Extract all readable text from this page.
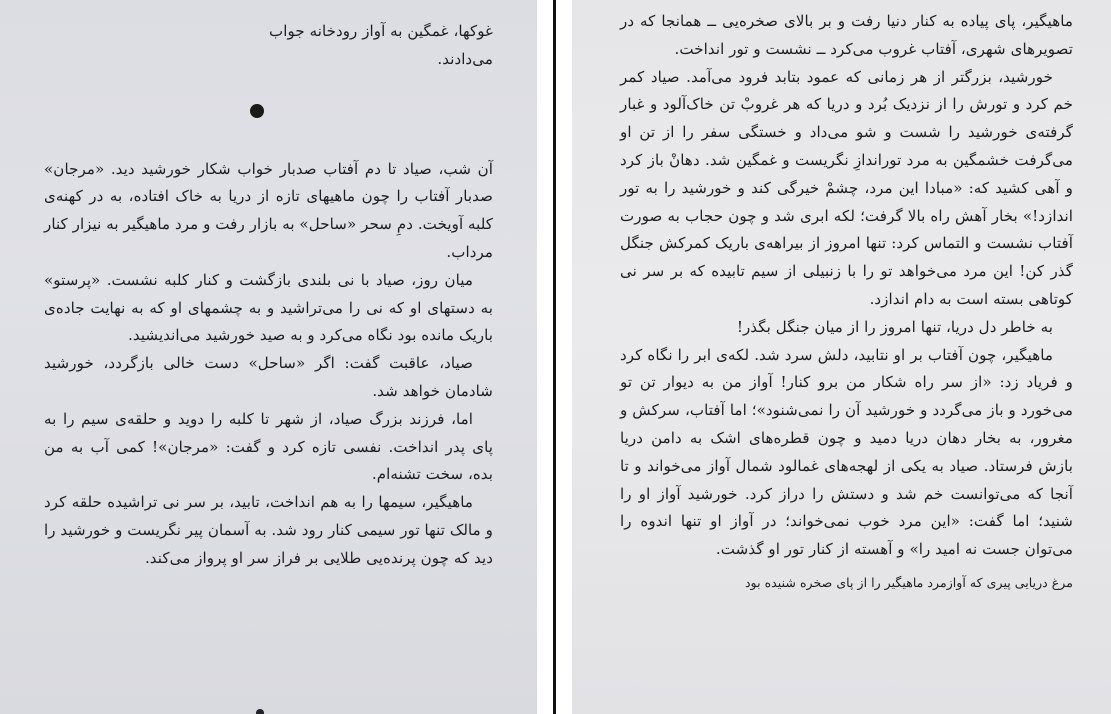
غوکها، غمگین به آواز رودخانه جواب

می‌دادند.

آن شب، صیاد تا دم آفتاب صدبار خواب شکار خورشید دید. «مرجان» صدبار آفتاب را چون ماهیهای تازه از دریا به خاک افتاده، به در کهنه‌ی کلبه آویخت. دمِ سحر «ساحل» به بازار رفت و مرد ماهیگیر به نیزار کنار مرداب.

میان روز، صیاد با نی بلندی بازگشت و کنار کلبه نشست. «پرستو» به دستهای او که نی را می‌تراشید و به چشمهای او که به نهایت جاده‌ی باریک مانده بود نگاه می‌کرد و به صید خورشید می‌اندیشید.

صیاد، عاقبت گفت: اگر «ساحل» دست خالی بازگردد، خورشید شادمان خواهد شد.

اما، فرزند بزرگ صیاد، از شهر تا کلبه را دوید و حلقه‌ی سیم را به پای پدر انداخت. نفسی تازه کرد و گفت: «مرجان»! کمی آب به من بده، سخت تشنه‌ام.

ماهیگیر، سیمها را به هم انداخت، تابید، بر سر نی تراشیده حلقه کرد و مالک تنها تور سیمی کنار رود شد. به آسمان پیر نگریست و خورشید را دید که چون پرنده‌یی طلایی بر فراز سر او پرواز می‌کند.

ماهیگیر، پای پیاده به کنار دنیا رفت و بر بالای صخره‌یی ــ همانجا که در تصویرهای شهری، آفتاب غروب می‌کرد ــ نشست و تور انداخت.

خورشید، بزرگتر از هر زمانی که عمود بتابد فرود می‌آمد. صیاد کمر خم کرد و تورش را از نزدیک بُرد و دریا که هر غروبْ تن خاک‌آلود و غبار گرفته‌ی خورشید را شست و شو می‌داد و خستگی سفر را از تن او می‌گرفت خشمگین به مرد توراندازِ نگریست و غمگین شد. دهانْ باز کرد و آهی کشید که: «مبادا این مرد، چشمْ خیرگی کند و خورشید را به تور اندازد!» بخار آهش راه بالا گرفت؛ لکه ابری شد و چون حجاب به صورت آفتاب نشست و التماس کرد: تنها امروز از بیراهه‌ی باریک کمرکش جنگل گذر کن! این مرد می‌خواهد تو را با زنبیلی از سیم تابیده که بر سر نی کوتاهی بسته است به دام اندازد.

به خاطر دل دریا، تنها امروز را از میان جنگل بگذر!

ماهیگیر، چون آفتاب بر او نتابید، دلش سرد شد. لکه‌ی ابر را نگاه کرد و فریاد زد: «از سر راه شکار من برو کنار! آواز من به دیوار تن تو می‌خورد و باز می‌گردد و خورشید آن را نمی‌شنود»؛ اما آفتاب، سرکش و مغرور، به بخار دهان دریا دمید و چون قطره‌های اشک به دامن دریا بازش فرستاد. صیاد به یکی از لهجه‌های غمالود شمال آواز می‌خواند و تا آنجا که می‌توانست خم شد و دستش را دراز کرد. خورشید آواز او را شنید؛ اما گفت: «این مرد خوب نمی‌خواند؛ در آواز او تنها اندوه را می‌توان جست نه امید را» و آهسته از کنار تور او گذشت.

مرغ دریایی پیری که آوازمرد ماهیگیر را از پای صخره شنیده بود
